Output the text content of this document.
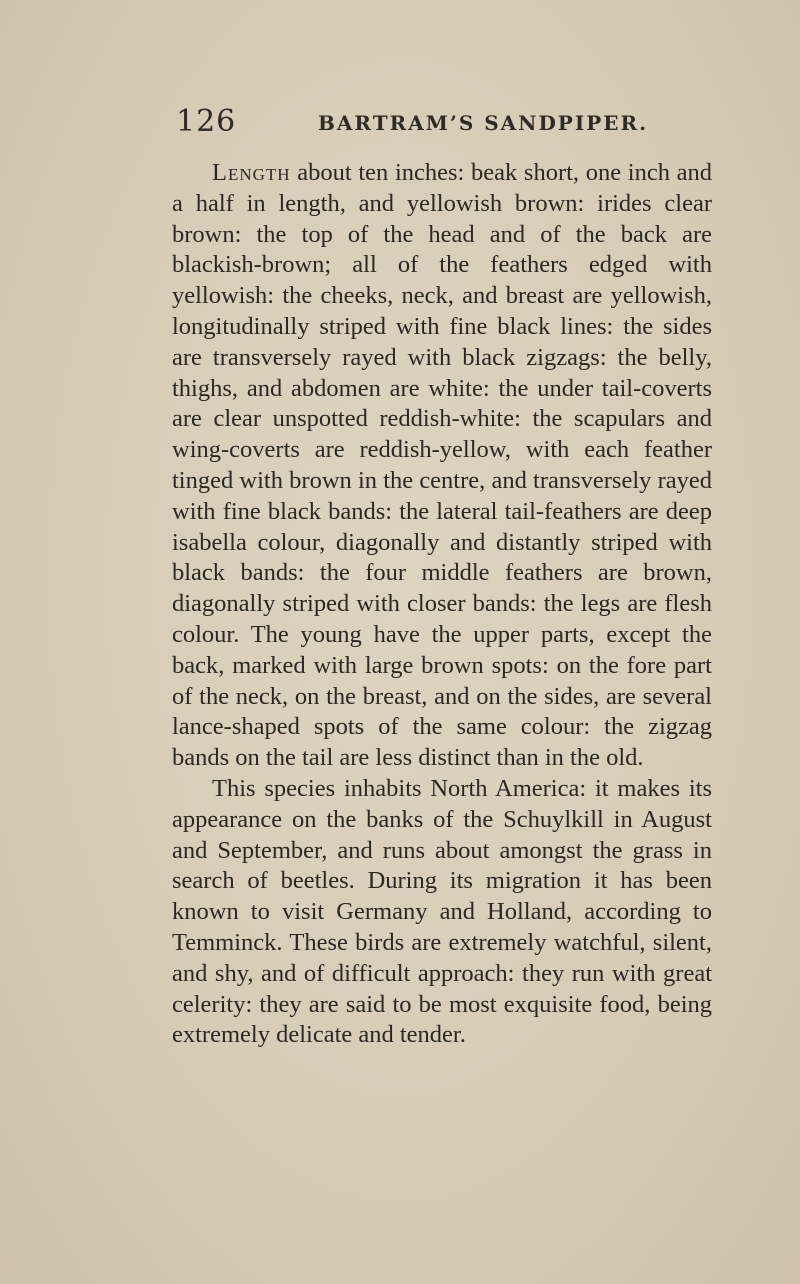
126	BARTRAM’S SANDPIPER.

Length about ten inches: beak short, one inch and a half in length, and yellowish brown: irides clear brown: the top of the head and of the back are blackish-brown; all of the feathers edged with yellowish: the cheeks, neck, and breast are yellowish, longitudinally striped with fine black lines: the sides are transversely rayed with black zigzags: the belly, thighs, and abdomen are white: the under tail-coverts are clear unspotted reddish-white: the scapulars and wing-coverts are reddish-yellow, with each feather tinged with brown in the centre, and transversely rayed with fine black bands: the lateral tail-feathers are deep isabella colour, diagonally and distantly striped with black bands: the four middle feathers are brown, diagonally striped with closer bands: the legs are flesh colour. The young have the upper parts, except the back, marked with large brown spots: on the fore part of the neck, on the breast, and on the sides, are several lance-shaped spots of the same colour: the zigzag bands on the tail are less distinct than in the old.

This species inhabits North America: it makes its appearance on the banks of the Schuylkill in August and September, and runs about amongst the grass in search of beetles. During its migration it has been known to visit Germany and Holland, according to Temminck. These birds are extremely watchful, silent, and shy, and of difficult approach: they run with great celerity: they are said to be most exquisite food, being extremely delicate and tender.
